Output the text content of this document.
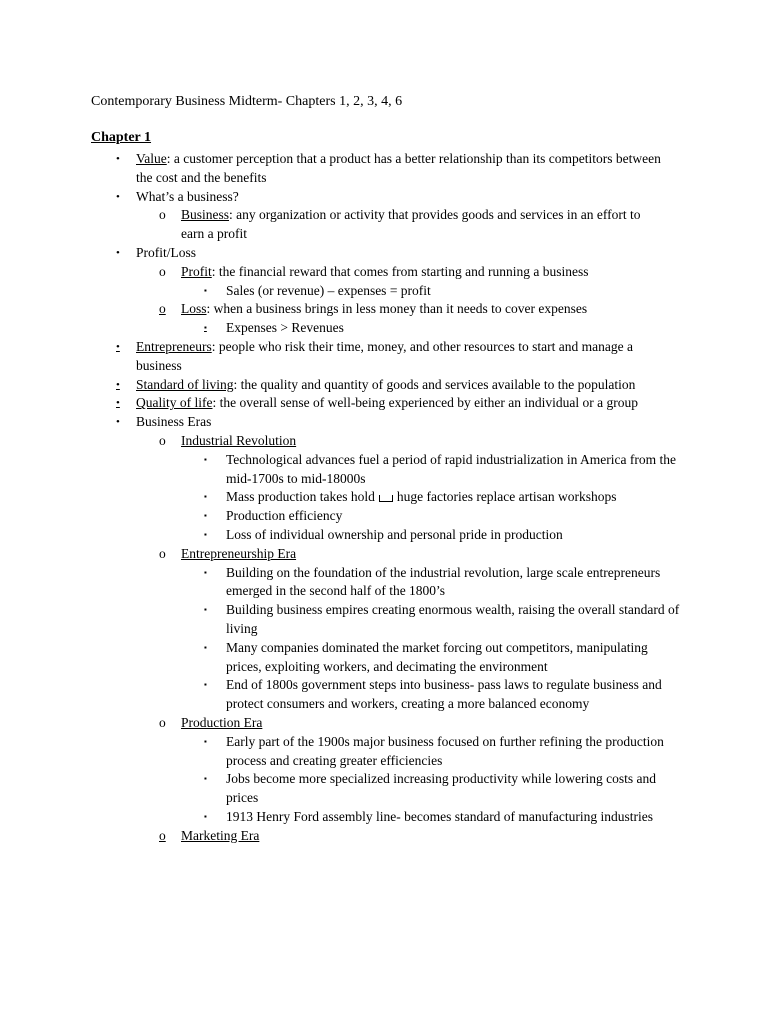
Contemporary Business Midterm- Chapters 1, 2, 3, 4, 6
Chapter 1
• Value: a customer perception that a product has a better relationship than its competitors between the cost and the benefits
• What’s a business?
o Business: any organization or activity that provides goods and services in an effort to earn a profit
• Profit/Loss
o Profit: the financial reward that comes from starting and running a business
▪ Sales (or revenue) – expenses = profit
o Loss: when a business brings in less money than it needs to cover expenses
▪ Expenses > Revenues
• Entrepreneurs: people who risk their time, money, and other resources to start and manage a business
• Standard of living: the quality and quantity of goods and services available to the population
• Quality of life: the overall sense of well-being experienced by either an individual or a group
• Business Eras
o Industrial Revolution
▪ Technological advances fuel a period of rapid industrialization in America from the mid-1700s to mid-18000s
▪ Mass production takes hold huge factories replace artisan workshops
▪ Production efficiency
▪ Loss of individual ownership and personal pride in production
o Entrepreneurship Era
▪ Building on the foundation of the industrial revolution, large scale entrepreneurs emerged in the second half of the 1800’s
▪ Building business empires creating enormous wealth, raising the overall standard of living
▪ Many companies dominated the market forcing out competitors, manipulating prices, exploiting workers, and decimating the environment
▪ End of 1800s government steps into business- pass laws to regulate business and protect consumers and workers, creating a more balanced economy
o Production Era
▪ Early part of the 1900s major business focused on further refining the production process and creating greater efficiencies
▪ Jobs become more specialized increasing productivity while lowering costs and prices
▪ 1913 Henry Ford assembly line- becomes standard of manufacturing industries
o Marketing Era
